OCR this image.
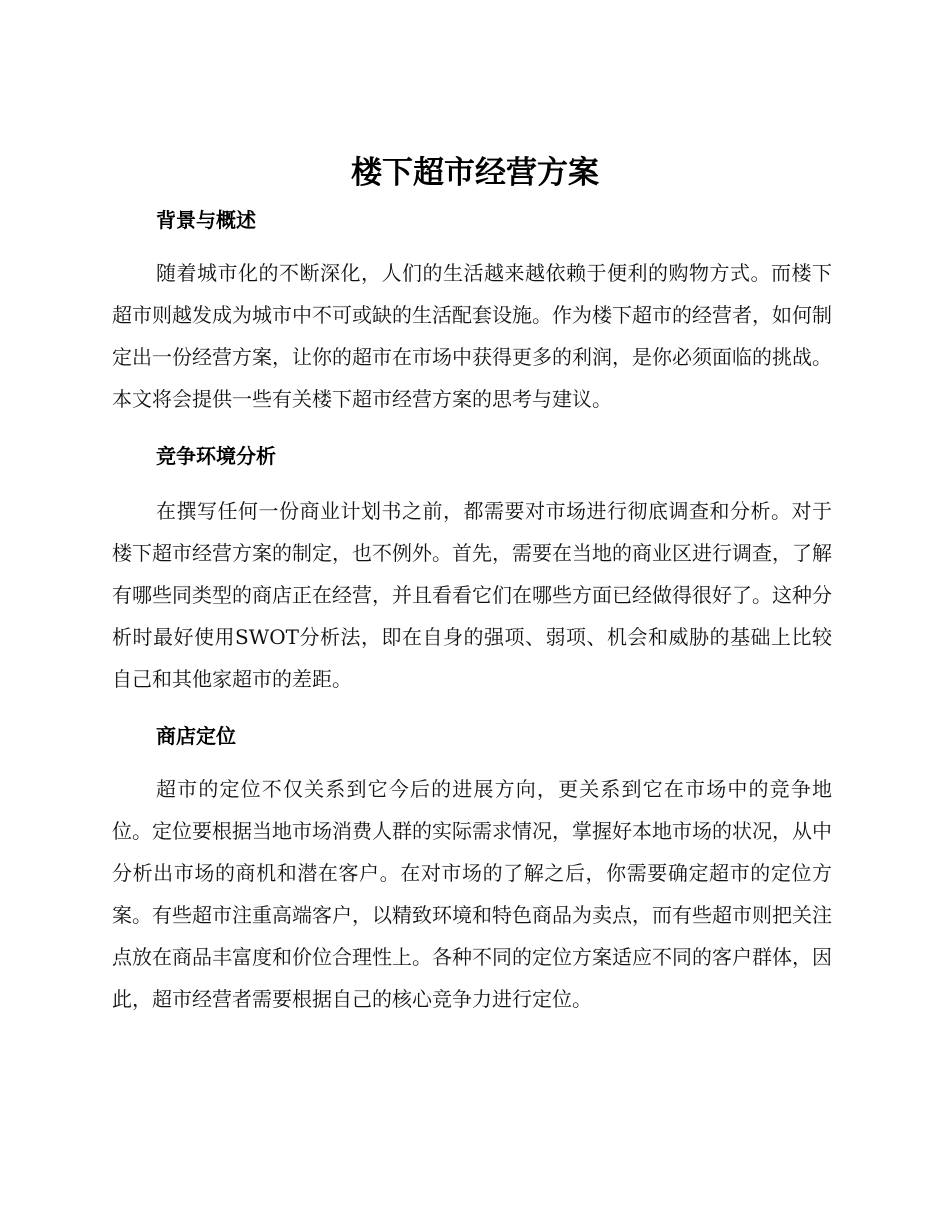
楼下超市经营方案
背景与概述

随着城市化的不断深化，人们的生活越来越依赖于便利的购物方式。而楼下超市则越发成为城市中不可或缺的生活配套设施。作为楼下超市的经营者，如何制定出一份经营方案，让你的超市在市场中获得更多的利润，是你必须面临的挑战。本文将会提供一些有关楼下超市经营方案的思考与建议。

竞争环境分析

在撰写任何一份商业计划书之前，都需要对市场进行彻底调查和分析。对于楼下超市经营方案的制定，也不例外。首先，需要在当地的商业区进行调查，了解有哪些同类型的商店正在经营，并且看看它们在哪些方面已经做得很好了。这种分析时最好使用SWOT分析法，即在自身的强项、弱项、机会和威胁的基础上比较自己和其他家超市的差距。

商店定位

超市的定位不仅关系到它今后的进展方向，更关系到它在市场中的竞争地位。定位要根据当地市场消费人群的实际需求情况，掌握好本地市场的状况，从中分析出市场的商机和潜在客户。在对市场的了解之后，你需要确定超市的定位方案。有些超市注重高端客户，以精致环境和特色商品为卖点，而有些超市则把关注点放在商品丰富度和价位合理性上。各种不同的定位方案适应不同的客户群体，因此，超市经营者需要根据自己的核心竞争力进行定位。
